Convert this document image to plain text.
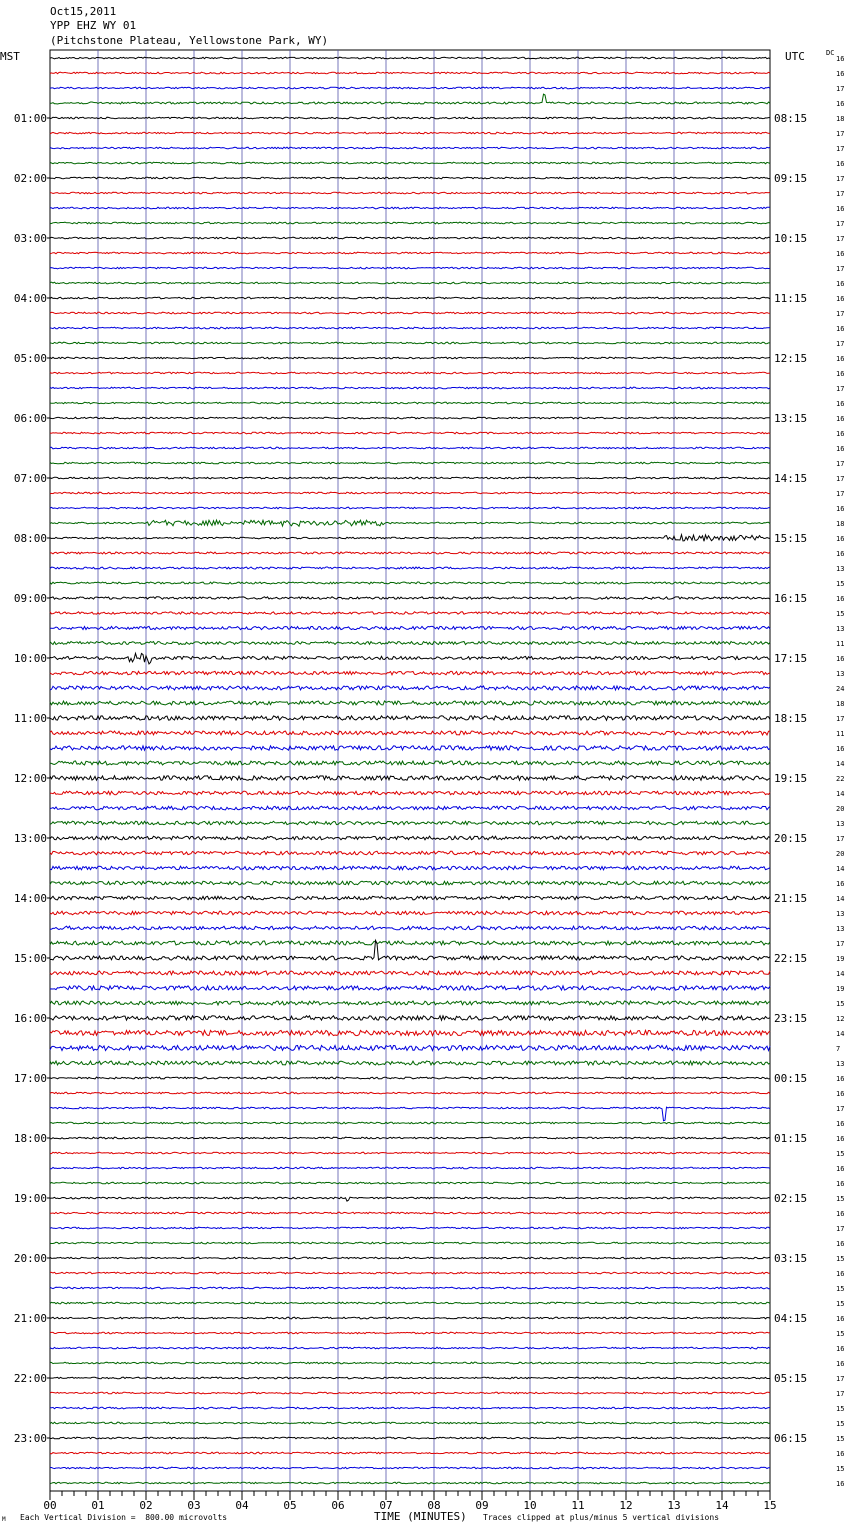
Oct15,2011
YPP EHZ WY 01
(Pitchstone Plateau, Yellowstone Park, WY)
MST	UTC	DC
01:00
02:00
03:00
04:00
05:00
06:00
07:00
08:00
09:00
10:00
11:00
12:00
13:00
14:00
15:00
16:00
17:00
18:00
19:00
20:00
21:00
22:00
23:00
08:15
09:15
10:15
11:15
12:15
13:15
14:15
15:15
16:15
17:15
18:15
19:15
20:15
21:15
22:15
23:15
00:15
01:15
02:15
03:15
04:15
05:15
06:15
16
16
17
16
18
17
17
16
17
17
16
17
17
16
17
16
16
17
16
17
16
16
17
16
16
16
16
17
17
17
16
18
16
16
13
15
16
15
13
11
16
13
24
18
17
11
16
14
22
14
20
13
17
20
14
16
14
13
13
17
19
14
19
15
12
14
7
13
16
16
17
16
16
15
16
16
15
16
17
16
15
16
15
15
16
15
16
16
17
17
15
15
15
16
15
16
00	01	02	03	04	05	06	07	08	09	10	11	12	13	14	15
M Each Vertical Division =  800.00 microvolts	TIME (MINUTES) Traces clipped at plus/minus 5 vertical divisions
